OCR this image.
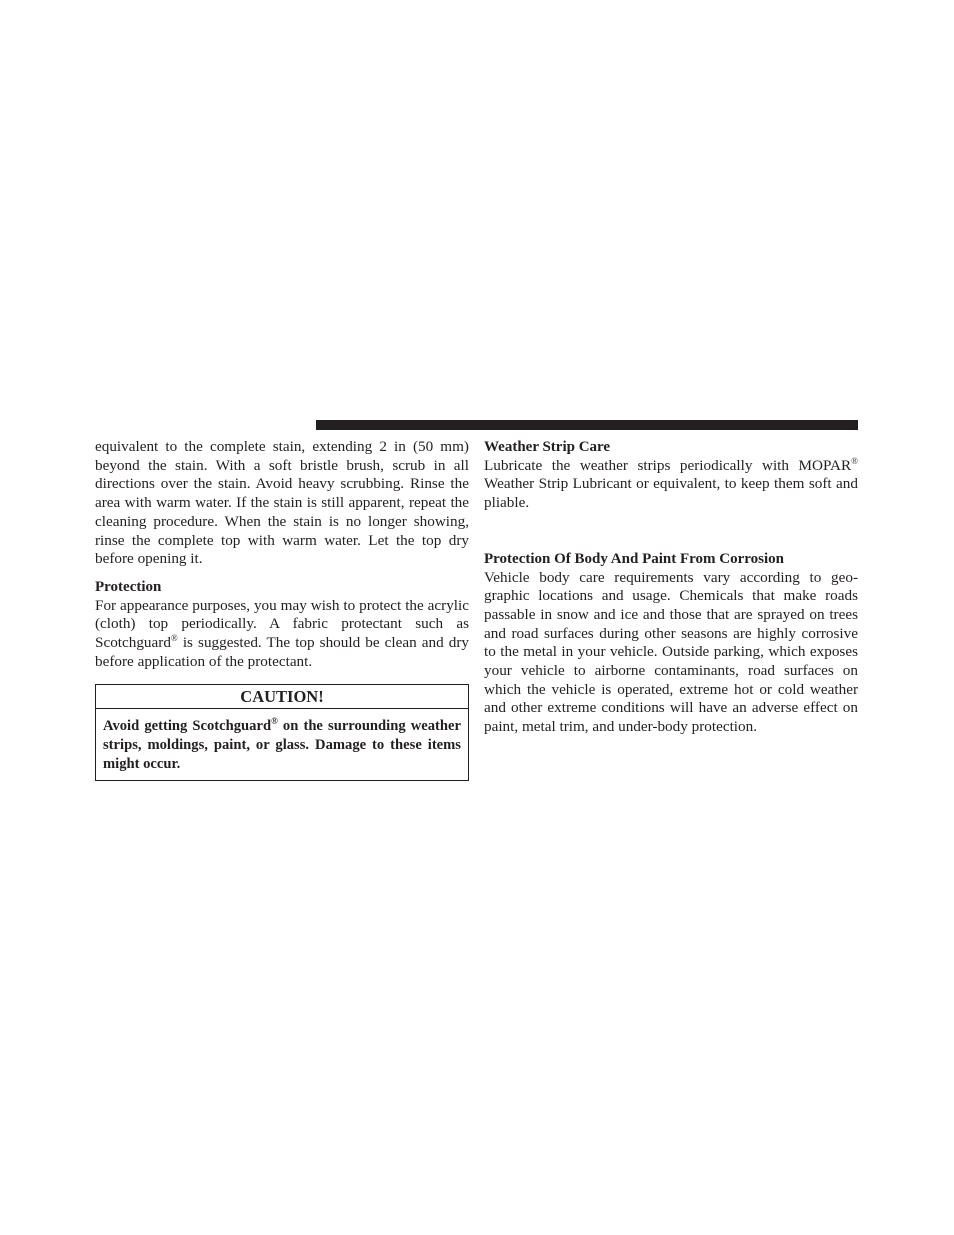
equivalent to the complete stain, extending 2 in (50 mm) beyond the stain. With a soft bristle brush, scrub in all directions over the stain. Avoid heavy scrubbing. Rinse the area with warm water. If the stain is still apparent, repeat the cleaning procedure. When the stain is no longer showing, rinse the complete top with warm water. Let the top dry before opening it.

Protection

For appearance purposes, you may wish to protect the acrylic (cloth) top periodically. A fabric protectant such as Scotchguard® is suggested. The top should be clean and dry before application of the protectant.

CAUTION!
Avoid getting Scotchguard® on the surrounding weather strips, moldings, paint, or glass. Damage to these items might occur.
Weather Strip Care

Lubricate the weather strips periodically with MOPAR® Weather Strip Lubricant or equivalent, to keep them soft and pliable.

Protection Of Body And Paint From Corrosion

Vehicle body care requirements vary according to geo-graphic locations and usage. Chemicals that make roads passable in snow and ice and those that are sprayed on trees and road surfaces during other seasons are highly corrosive to the metal in your vehicle. Outside parking, which exposes your vehicle to airborne contaminants, road surfaces on which the vehicle is operated, extreme hot or cold weather and other extreme conditions will have an adverse effect on paint, metal trim, and under-body protection.
